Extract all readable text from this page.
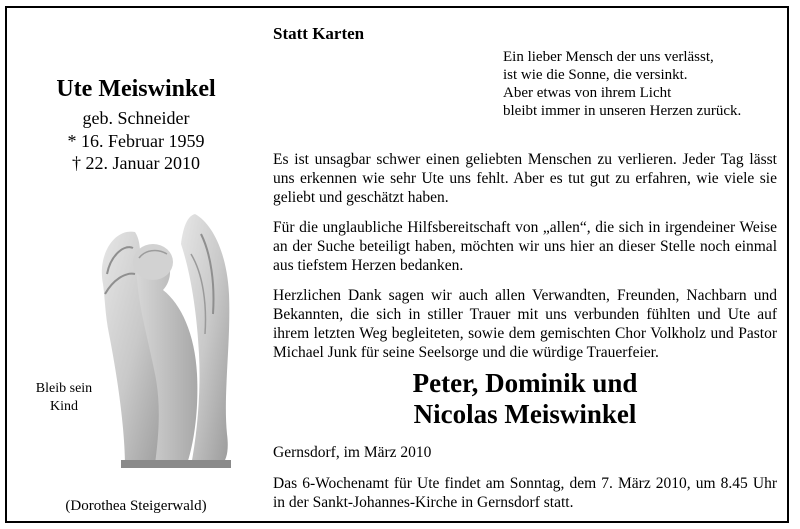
Ute Meiswinkel
geb. Schneider
* 16. Februar 1959
† 22. Januar 2010
Bleib sein
Kind
(Dorothea Steigerwald)
Statt Karten
Ein lieber Mensch der uns verlässt,
ist wie die Sonne, die versinkt.
Aber etwas von ihrem Licht
bleibt immer in unseren Herzen zurück.
Es ist unsagbar schwer einen geliebten Menschen zu verlieren. Jeder Tag lässt uns erkennen wie sehr Ute uns fehlt. Aber es tut gut zu erfahren, wie viele sie geliebt und geschätzt haben.
Für die unglaubliche Hilfsbereitschaft von „allen“, die sich in irgendeiner Weise an der Suche beteiligt haben, möchten wir uns hier an dieser Stelle noch einmal aus tiefstem Herzen bedanken.
Herzlichen Dank sagen wir auch allen Verwandten, Freunden, Nachbarn und Bekannten, die sich in stiller Trauer mit uns verbunden fühlten und Ute auf ihrem letzten Weg begleiteten, sowie dem gemischten Chor Volkholz und Pastor Michael Junk für seine Seelsorge und die würdige Trauerfeier.
Peter, Dominik und
Nicolas Meiswinkel
Gernsdorf, im März 2010
Das 6-Wochenamt für Ute findet am Sonntag, dem 7. März 2010, um 8.45 Uhr in der Sankt-Johannes-Kirche in Gernsdorf statt.
